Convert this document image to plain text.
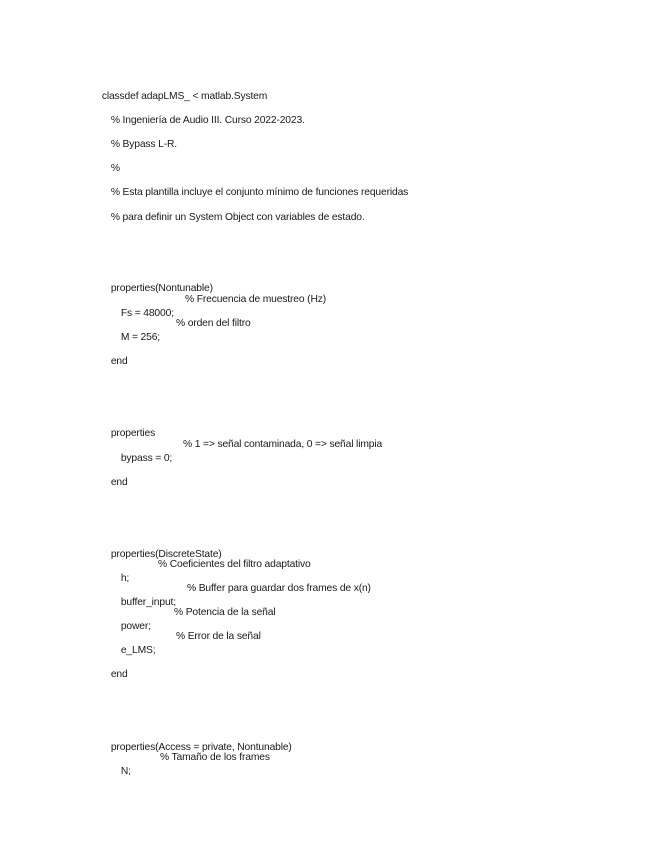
classdef adapLMS_ < matlab.System

% Ingeniería de Audio III. Curso 2022-2023.

% Bypass L-R.

%

% Esta plantilla incluye el conjunto mínimo de funciones requeridas

% para definir un System Object con variables de estado.

properties(Nontunable)

Fs = 48000;

% Frecuencia de muestreo (Hz)

M = 256;

% orden del filtro

end

properties

bypass = 0;

% 1 => señal contaminada, 0 => señal limpia

end

properties(DiscreteState)

h;

% Coeficientes del filtro adaptativo

buffer_input;

% Buffer para guardar dos frames de x(n)

power;

% Potencia de la señal

e_LMS;

% Error de la señal

end

properties(Access = private, Nontunable)

N;

% Tamaño de los frames
